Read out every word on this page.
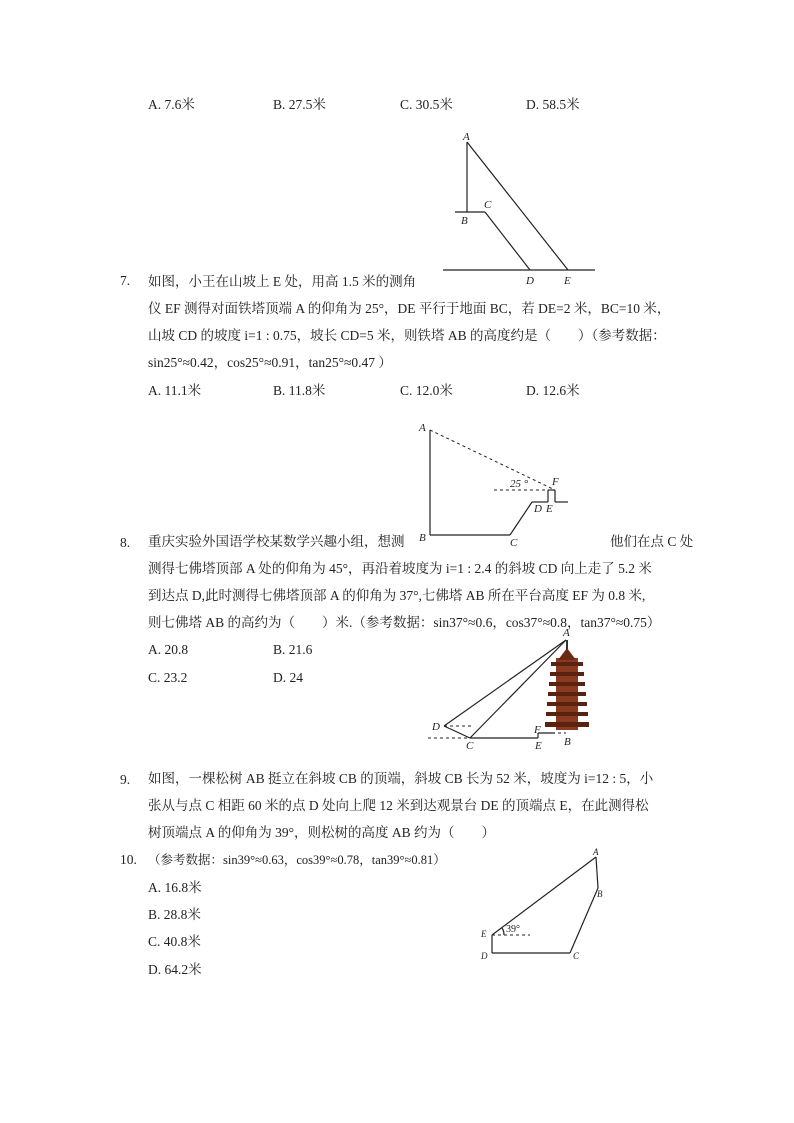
A. 7.6米	B. 27.5米	C. 30.5米	D. 58.5米
A
B
C
D	E
7. 如图，小王在山坡上 E 处，用高 1.5 米的测角
仪 EF 测得对面铁塔顶端 A 的仰角为 25°，DE 平行于地面 BC，若 DE=2 米，BC=10 米，
山坡 CD 的坡度 i=1 : 0.75，坡长 CD=5 米，则铁塔 AB 的高度约是（　　）（参考数据：
sin25°≈0.42，cos25°≈0.91，tan25°≈0.47 ）
A. 11.1米	B. 11.8米	C. 12.0米	D. 12.6米
A
B	C
D E
F
25 °
8. 重庆实验外国语学校某数学兴趣小组，想测	他们在点 C 处
测得七佛塔顶部 A 处的仰角为 45°，再沿着坡度为 i=1 : 2.4 的斜坡 CD 向上走了 5.2 米
到达点 D,此时测得七佛塔顶部 A 的仰角为 37°,七佛塔 AB 所在平台高度 EF 为 0.8 米,
则七佛塔 AB 的高约为（　　）米.（参考数据：sin37°≈0.6，cos37°≈0.8，tan37°≈0.75）
A. 20.8	B. 21.6
C. 23.2	D. 24
A
B
C
D
E
F
9. 如图，一棵松树 AB 挺立在斜坡 CB 的顶端，斜坡 CB 长为 52 米，坡度为 i=12 : 5，小
张从与点 C 相距 60 米的点 D 处向上爬 12 米到达观景台 DE 的顶端点 E，在此测得松
树顶端点 A 的仰角为 39°，则松树的高度 AB 约为（　　）
10. （参考数据：sin39°≈0.63，cos39°≈0.78，tan39°≈0.81）
A. 16.8米
B. 28.8米
C. 40.8米
D. 64.2米
A
B
C
D
E 39°
